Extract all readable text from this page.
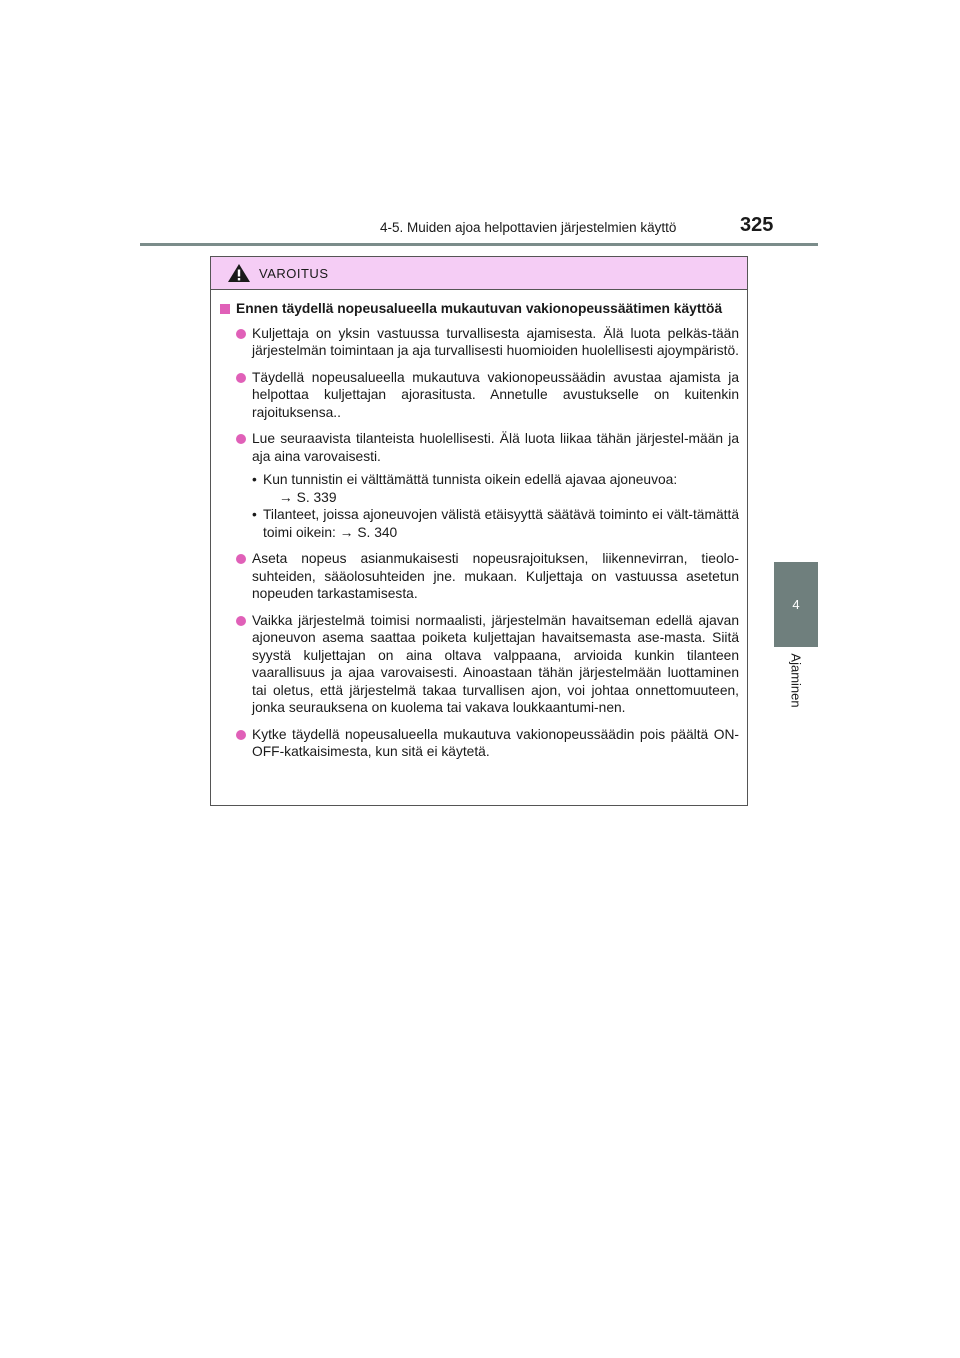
4-5. Muiden ajoa helpottavien järjestelmien käyttö	325
4
Ajaminen
VAROITUS
Ennen täydellä nopeusalueella mukautuvan vakionopeussäätimen käyttöä
Kuljettaja on yksin vastuussa turvallisesta ajamisesta. Älä luota pelkäs-tään järjestelmän toimintaan ja aja turvallisesti huomioiden huolellisesti ajoympäristö.
Täydellä nopeusalueella mukautuva vakionopeussäädin avustaa ajamista ja helpottaa kuljettajan ajorasitusta. Annetulle avustukselle on kuitenkin rajoituksensa..
Lue seuraavista tilanteista huolellisesti. Älä luota liikaa tähän järjestel-mään ja aja aina varovaisesti.
• Kun tunnistin ei välttämättä tunnista oikein edellä ajavaa ajoneuvoa:
→ S. 339
• Tilanteet, joissa ajoneuvojen välistä etäisyyttä säätävä toiminto ei vält-tämättä toimi oikein: → S. 340
Aseta nopeus asianmukaisesti nopeusrajoituksen, liikennevirran, tieolo-suhteiden, sääolosuhteiden jne. mukaan. Kuljettaja on vastuussa asetetun nopeuden tarkastamisesta.
Vaikka järjestelmä toimisi normaalisti, järjestelmän havaitseman edellä ajavan ajoneuvon asema saattaa poiketa kuljettajan havaitsemasta ase-masta. Siitä syystä kuljettajan on aina oltava valppaana, arvioida kunkin tilanteen vaarallisuus ja ajaa varovaisesti. Ainoastaan tähän järjestelmään luottaminen tai oletus, että järjestelmä takaa turvallisen ajon, voi johtaa onnettomuuteen, jonka seurauksena on kuolema tai vakava loukkaantumi-nen.
Kytke täydellä nopeusalueella mukautuva vakionopeussäädin pois päältä ON-OFF-katkaisimesta, kun sitä ei käytetä.
